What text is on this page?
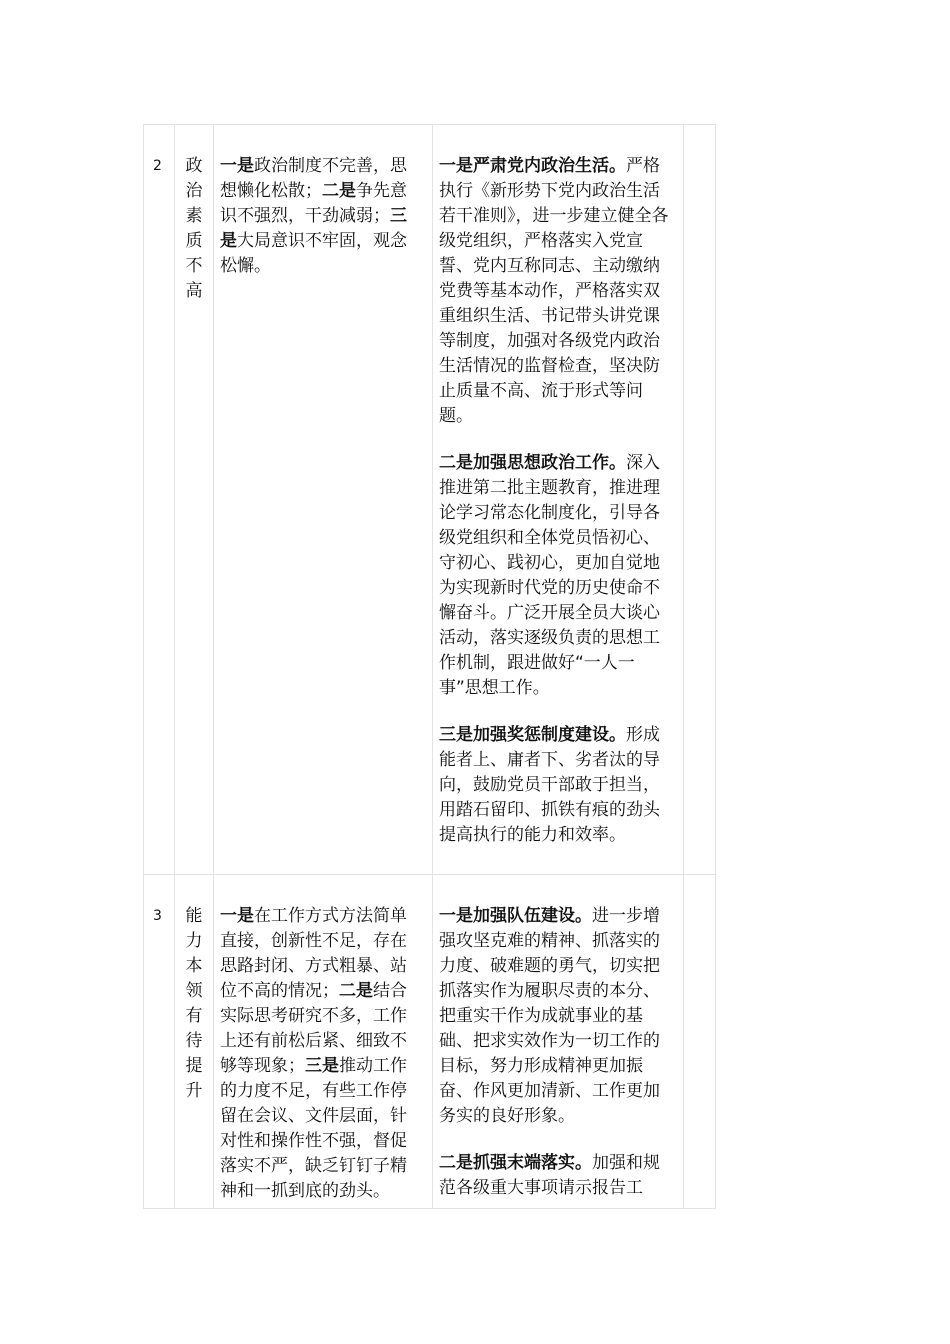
2 政
治
素
质
不
高
一是政治制度不完善，思想懒化松散；二是争先意识不强烈，干劲减弱；三是大局意识不牢固，观念松懈。
一是严肃党内政治生活。严格执行《新形势下党内政治生活若干准则》，进一步建立健全各级党组织，严格落实入党宣誓、党内互称同志、主动缴纳党费等基本动作，严格落实双重组织生活、书记带头讲党课等制度，加强对各级党内政治生活情况的监督检查，坚决防止质量不高、流于形式等问题。
二是加强思想政治工作。深入推进第二批主题教育，推进理论学习常态化制度化，引导各级党组织和全体党员悟初心、守初心、践初心，更加自觉地为实现新时代党的历史使命不懈奋斗。广泛开展全员大谈心活动，落实逐级负责的思想工作机制，跟进做好“一人一事”思想工作。
三是加强奖惩制度建设。形成能者上、庸者下、劣者汰的导向，鼓励党员干部敢于担当，用踏石留印、抓铁有痕的劲头提高执行的能力和效率。
3 能
力
本
领
有
待
提
升
一是在工作方式方法简单直接，创新性不足，存在思路封闭、方式粗暴、站位不高的情况；二是结合实际思考研究不多，工作上还有前松后紧、细致不够等现象；三是推动工作的力度不足，有些工作停留在会议、文件层面，针对性和操作性不强，督促落实不严，缺乏钉钉子精神和一抓到底的劲头。
一是加强队伍建设。进一步增强攻坚克难的精神、抓落实的力度、破难题的勇气，切实把抓落实作为履职尽责的本分、把重实干作为成就事业的基础、把求实效作为一切工作的目标，努力形成精神更加振奋、作风更加清新、工作更加务实的良好形象。
二是抓强末端落实。加强和规范各级重大事项请示报告工
